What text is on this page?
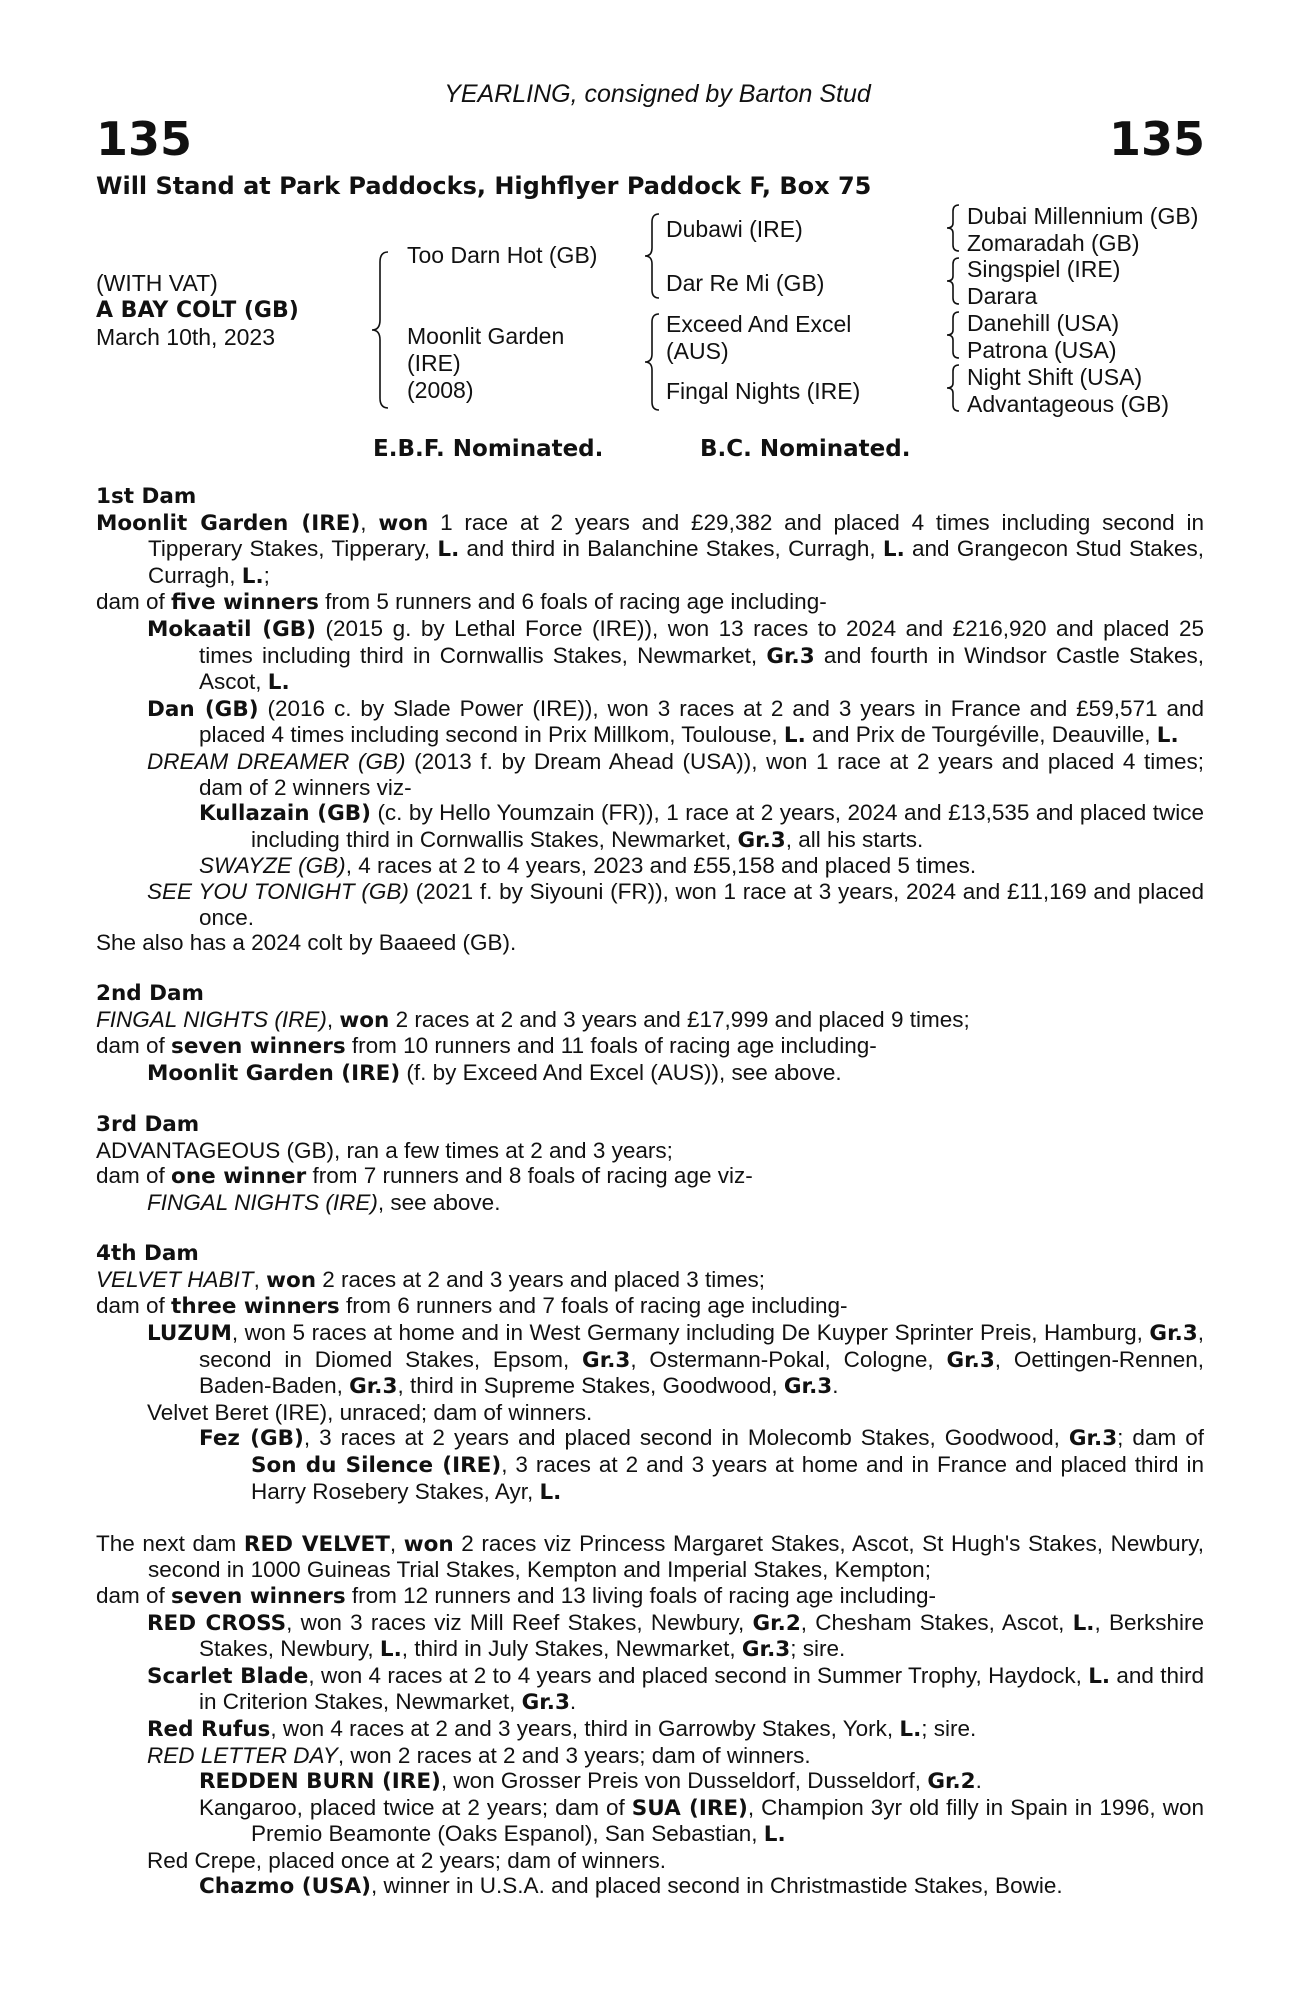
YEARLING, consigned by Barton Stud
135	135
Will Stand at Park Paddocks, Highflyer Paddock F, Box 75
(WITH VAT)
A BAY COLT (GB)
March 10th, 2023
Too Darn Hot (GB)
Moonlit Garden
(IRE)
(2008)
Dubawi (IRE)
Dar Re Mi (GB)
Exceed And Excel
(AUS)
Fingal Nights (IRE)
Dubai Millennium (GB)
Zomaradah (GB)
Singspiel (IRE)
Darara
Danehill (USA)
Patrona (USA)
Night Shift (USA)
Advantageous (GB)
E.B.F. Nominated.	B.C. Nominated.
1st Dam
Moonlit Garden (IRE), won 1 race at 2 years and £29,382 and placed 4 times including second in Tipperary Stakes, Tipperary, L. and third in Balanchine Stakes, Curragh, L. and Grangecon Stud Stakes, Curragh, L.;
dam of five winners from 5 runners and 6 foals of racing age including-
Mokaatil (GB) (2015 g. by Lethal Force (IRE)), won 13 races to 2024 and £216,920 and placed 25 times including third in Cornwallis Stakes, Newmarket, Gr.3 and fourth in Windsor Castle Stakes, Ascot, L.
Dan (GB) (2016 c. by Slade Power (IRE)), won 3 races at 2 and 3 years in France and £59,571 and placed 4 times including second in Prix Millkom, Toulouse, L. and Prix de Tourgéville, Deauville, L.
DREAM DREAMER (GB) (2013 f. by Dream Ahead (USA)), won 1 race at 2 years and placed 4 times; dam of 2 winners viz-
Kullazain (GB) (c. by Hello Youmzain (FR)), 1 race at 2 years, 2024 and £13,535 and placed twice including third in Cornwallis Stakes, Newmarket, Gr.3, all his starts.
SWAYZE (GB), 4 races at 2 to 4 years, 2023 and £55,158 and placed 5 times.
SEE YOU TONIGHT (GB) (2021 f. by Siyouni (FR)), won 1 race at 3 years, 2024 and £11,169 and placed once.
She also has a 2024 colt by Baaeed (GB).
2nd Dam
FINGAL NIGHTS (IRE), won 2 races at 2 and 3 years and £17,999 and placed 9 times;
dam of seven winners from 10 runners and 11 foals of racing age including-
Moonlit Garden (IRE) (f. by Exceed And Excel (AUS)), see above.
3rd Dam
ADVANTAGEOUS (GB), ran a few times at 2 and 3 years;
dam of one winner from 7 runners and 8 foals of racing age viz-
FINGAL NIGHTS (IRE), see above.
4th Dam
VELVET HABIT, won 2 races at 2 and 3 years and placed 3 times;
dam of three winners from 6 runners and 7 foals of racing age including-
LUZUM, won 5 races at home and in West Germany including De Kuyper Sprinter Preis, Hamburg, Gr.3, second in Diomed Stakes, Epsom, Gr.3, Ostermann-Pokal, Cologne, Gr.3, Oettingen-Rennen, Baden-Baden, Gr.3, third in Supreme Stakes, Goodwood, Gr.3.
Velvet Beret (IRE), unraced; dam of winners.
Fez (GB), 3 races at 2 years and placed second in Molecomb Stakes, Goodwood, Gr.3; dam of Son du Silence (IRE), 3 races at 2 and 3 years at home and in France and placed third in Harry Rosebery Stakes, Ayr, L.
The next dam RED VELVET, won 2 races viz Princess Margaret Stakes, Ascot, St Hugh's Stakes, Newbury, second in 1000 Guineas Trial Stakes, Kempton and Imperial Stakes, Kempton;
dam of seven winners from 12 runners and 13 living foals of racing age including-
RED CROSS, won 3 races viz Mill Reef Stakes, Newbury, Gr.2, Chesham Stakes, Ascot, L., Berkshire Stakes, Newbury, L., third in July Stakes, Newmarket, Gr.3; sire.
Scarlet Blade, won 4 races at 2 to 4 years and placed second in Summer Trophy, Haydock, L. and third in Criterion Stakes, Newmarket, Gr.3.
Red Rufus, won 4 races at 2 and 3 years, third in Garrowby Stakes, York, L.; sire.
RED LETTER DAY, won 2 races at 2 and 3 years; dam of winners.
REDDEN BURN (IRE), won Grosser Preis von Dusseldorf, Dusseldorf, Gr.2.
Kangaroo, placed twice at 2 years; dam of SUA (IRE), Champion 3yr old filly in Spain in 1996, won Premio Beamonte (Oaks Espanol), San Sebastian, L.
Red Crepe, placed once at 2 years; dam of winners.
Chazmo (USA), winner in U.S.A. and placed second in Christmastide Stakes, Bowie.
